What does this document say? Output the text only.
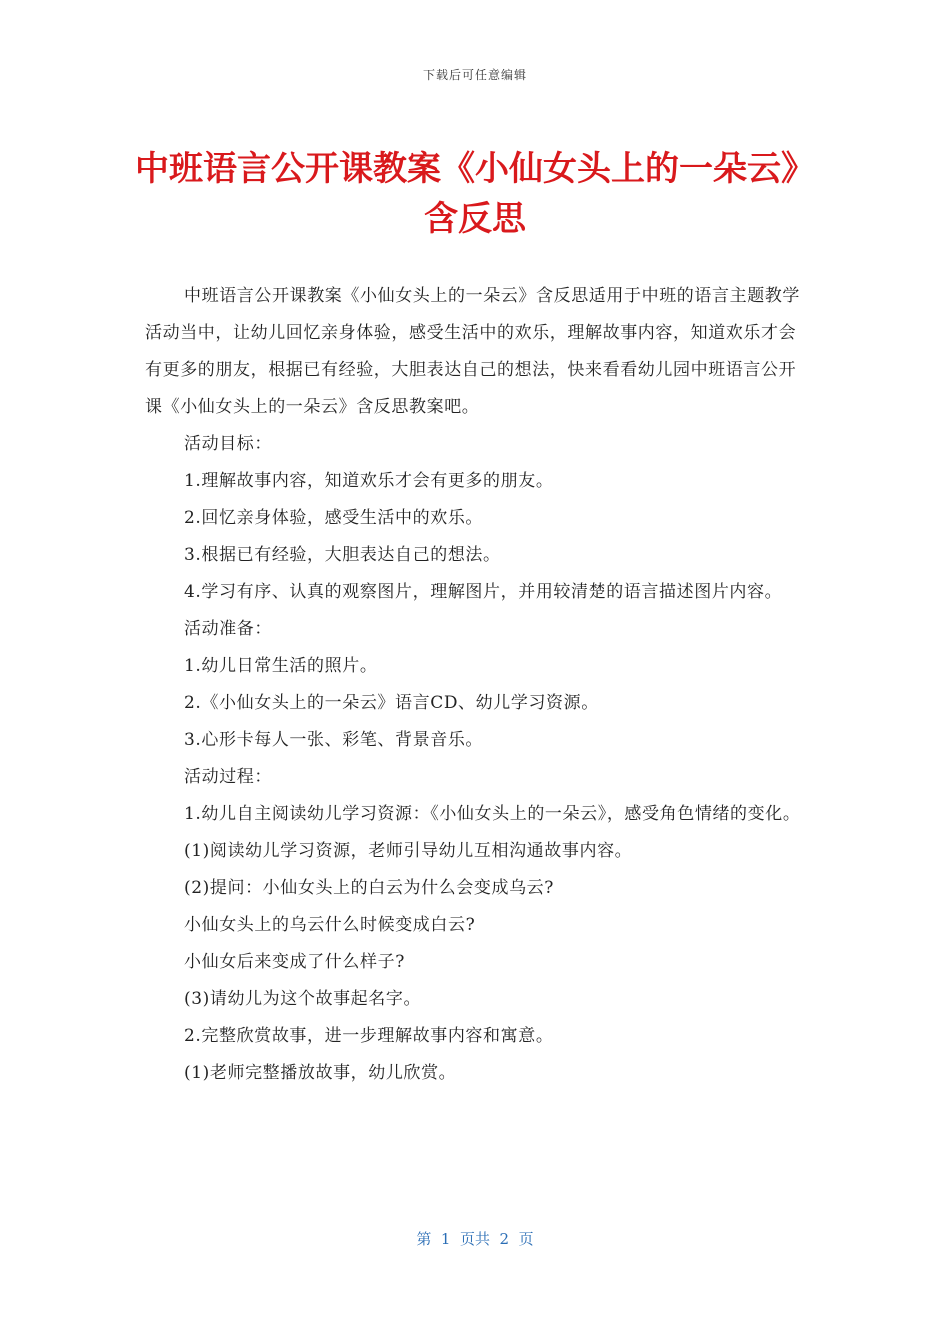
下载后可任意编辑
中班语言公开课教案《小仙女头上的一朵云》含反思

中班语言公开课教案《小仙女头上的一朵云》含反思适用于中班的语言主题教学活动当中，让幼儿回忆亲身体验，感受生活中的欢乐，理解故事内容，知道欢乐才会有更多的朋友，根据已有经验，大胆表达自己的想法，快来看看幼儿园中班语言公开课《小仙女头上的一朵云》含反思教案吧。

活动目标：

1.理解故事内容，知道欢乐才会有更多的朋友。

2.回忆亲身体验，感受生活中的欢乐。

3.根据已有经验，大胆表达自己的想法。

4.学习有序、认真的观察图片，理解图片，并用较清楚的语言描述图片内容。

活动准备：

1.幼儿日常生活的照片。

2.《小仙女头上的一朵云》语言CD、幼儿学习资源。

3.心形卡每人一张、彩笔、背景音乐。

活动过程：

1.幼儿自主阅读幼儿学习资源：《小仙女头上的一朵云》，感受角色情绪的变化。

(1)阅读幼儿学习资源，老师引导幼儿互相沟通故事内容。

(2)提问：小仙女头上的白云为什么会变成乌云?

小仙女头上的乌云什么时候变成白云?

小仙女后来变成了什么样子?

(3)请幼儿为这个故事起名字。

2.完整欣赏故事，进一步理解故事内容和寓意。

(1)老师完整播放故事，幼儿欣赏。

第  1  页共  2  页
